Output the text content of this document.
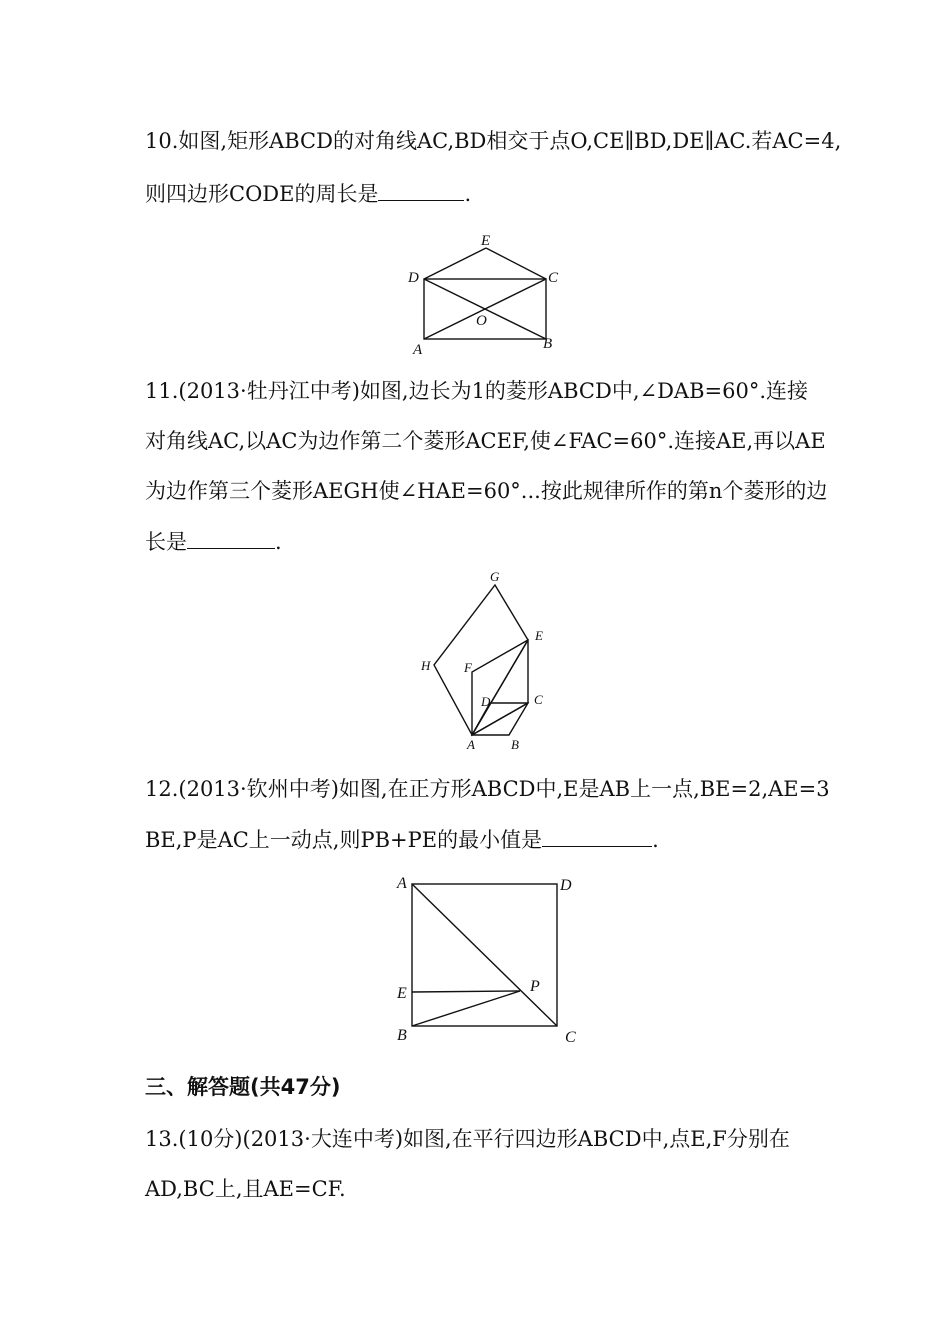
10.如图,矩形ABCD的对角线AC,BD相交于点O,CE∥BD,DE∥AC.若AC=4,
则四边形CODE的周长是	.
E
D	C
O
A	B
11.(2013·牡丹江中考)如图,边长为1的菱形ABCD中,∠DAB=60°.连接
对角线AC,以AC为边作第二个菱形ACEF,使∠FAC=60°.连接AE,再以AE
为边作第三个菱形AEGH使∠HAE=60°...按此规律所作的第n个菱形的边
长是	.
G
E
H	F
D	C
A	B
12.(2013·钦州中考)如图,在正方形ABCD中,E是AB上一点,BE=2,AE=3
BE,P是AC上一动点,则PB+PE的最小值是	.
A	D
E	P
B	C
三、解答题(共47分)
13.(10分)(2013·大连中考)如图,在平行四边形ABCD中,点E,F分别在
AD,BC上,且AE=CF.
